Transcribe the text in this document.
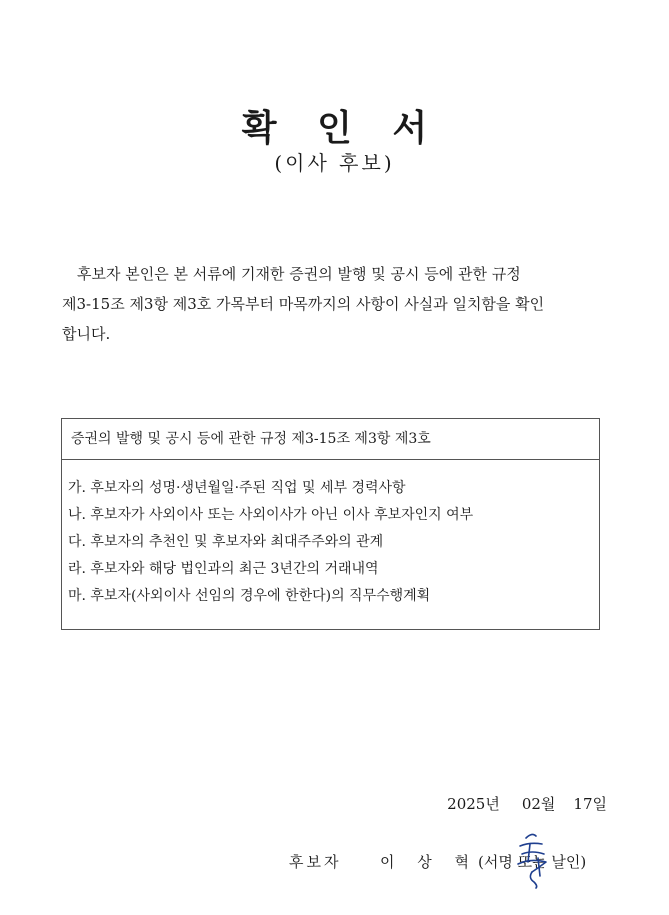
확 인 서
(이사 후보)
후보자 본인은 본 서류에 기재한 증권의 발행 및 공시 등에 관한 규정
제3-15조 제3항 제3호 가목부터 마목까지의 사항이 사실과 일치함을 확인
합니다.
증권의 발행 및 공시 등에 관한 규정 제3-15조 제3항 제3호
가. 후보자의 성명·생년월일·주된 직업 및 세부 경력사항
나. 후보자가 사외이사 또는 사외이사가 아닌 이사 후보자인지 여부
다. 후보자의 추천인 및 후보자와 최대주주와의 관계
라. 후보자와 해당 법인과의 최근 3년간의 거래내역
마. 후보자(사외이사 선임의 경우에 한한다)의 직무수행계획
2025년 02월 17일
후보자	이 상 혁 (서명 또는 날인)
